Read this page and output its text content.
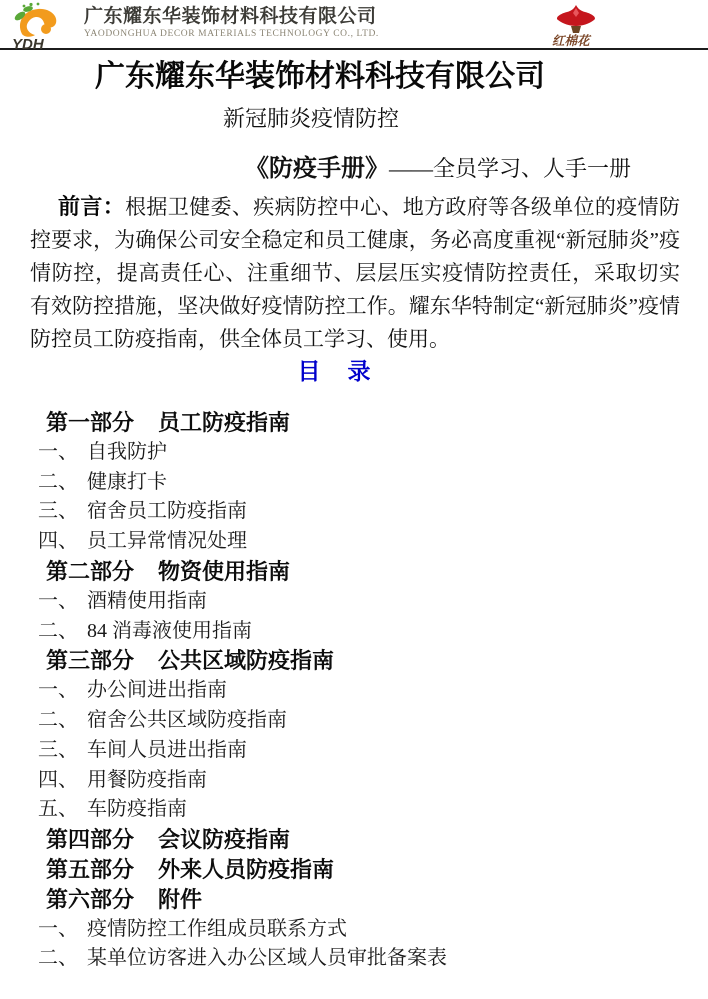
YDH
广东耀东华装饰材料科技有限公司
YAODONGHUA DECOR MATERIALS TECHNOLOGY CO., LTD.	红棉花
广东耀东华装饰材料科技有限公司
新冠肺炎疫情防控
《防疫手册》——全员学习、人手一册

前言：根据卫健委、疾病防控中心、地方政府等各级单位的疫情防控要求，为确保公司安全稳定和员工健康，务必高度重视“新冠肺炎”疫情防控，提高责任心、注重细节、层层压实疫情防控责任，采取切实有效防控措施，坚决做好疫情防控工作。耀东华特制定“新冠肺炎”疫情防控员工防疫指南，供全体员工学习、使用。

目　录
第一部分 员工防疫指南
一、 自我防护
二、 健康打卡
三、 宿舍员工防疫指南
四、 员工异常情况处理
第二部分 物资使用指南
一、 酒精使用指南
二、 84 消毒液使用指南
第三部分 公共区域防疫指南
一、 办公间进出指南
二、 宿舍公共区域防疫指南
三、 车间人员进出指南
四、 用餐防疫指南
五、 车防疫指南
第四部分 会议防疫指南
第五部分 外来人员防疫指南
第六部分 附件
一、 疫情防控工作组成员联系方式
二、 某单位访客进入办公区域人员审批备案表
